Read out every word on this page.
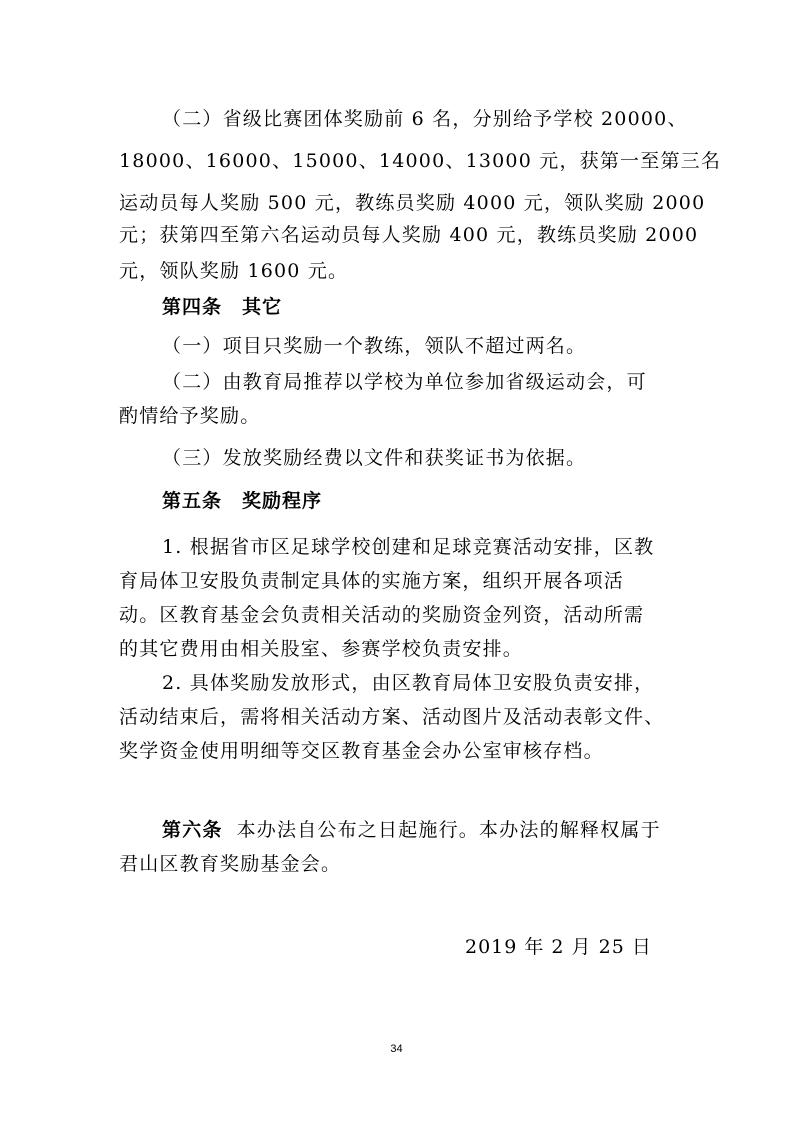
（二）省级比赛团体奖励前 6 名，分别给予学校 20000、
18000、16000、15000、14000、13000 元，获第一至第三名
运动员每人奖励 500 元，教练员奖励 4000 元，领队奖励 2000
元；获第四至第六名运动员每人奖励 400 元，教练员奖励 2000
元，领队奖励 1600 元。
第四条 其它
（一）项目只奖励一个教练，领队不超过两名。
（二）由教育局推荐以学校为单位参加省级运动会，可
酌情给予奖励。
（三）发放奖励经费以文件和获奖证书为依据。
第五条 奖励程序
1. 根据省市区足球学校创建和足球竞赛活动安排，区教
育局体卫安股负责制定具体的实施方案，组织开展各项活
动。区教育基金会负责相关活动的奖励资金列资，活动所需
的其它费用由相关股室、参赛学校负责安排。
2. 具体奖励发放形式，由区教育局体卫安股负责安排，
活动结束后，需将相关活动方案、活动图片及活动表彰文件、
奖学资金使用明细等交区教育基金会办公室审核存档。
第六条 本办法自公布之日起施行。本办法的解释权属于
君山区教育奖励基金会。
2019 年 2 月 25 日
34
